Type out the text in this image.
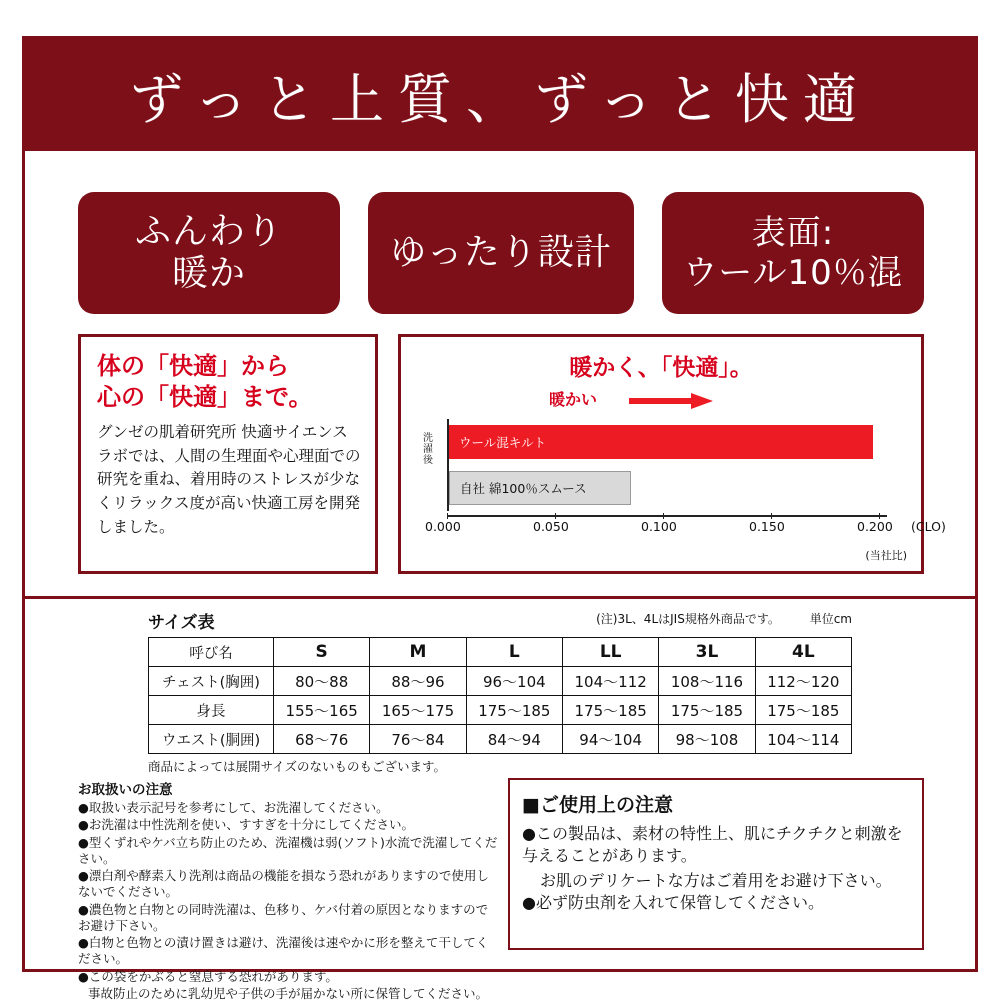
ずっと上質、ずっと快適
ふんわり
暖か
ゆったり設計	表面:
ウール10％混
体の「快適」から
心の「快適」まで。
グンゼの肌着研究所 快適サイエンスラボでは、人間の生理面や心理面での研究を重ね、着用時のストレスが少なくリラックス度が高い快適工房を開発しました。
暖かく、「快適」。
暖かい
洗濯後
ウール混キルト
自社 綿100％スムース
0.000	0.050	0.100	0.150	0.200 (CLO)
(当社比)
サイズ表	(注)3L、4LはJIS規格外商品です。 単位cm
呼び名	S	M	L	LL	3L	4L
チェスト(胸囲)	80〜88	88〜96	96〜104	104〜112	108〜116	112〜120
身長	155〜165	165〜175	175〜185	175〜185	175〜185	175〜185
ウエスト(胴囲)	68〜76	76〜84	84〜94	94〜104	98〜108	104〜114
商品によっては展開サイズのないものもございます。
お取扱いの注意
●取扱い表示記号を参考にして、お洗濯してください。
●お洗濯は中性洗剤を使い、すすぎを十分にしてください。
●型くずれやケバ立ち防止のため、洗濯機は弱(ソフト)水流で洗濯してください。
●漂白剤や酵素入り洗剤は商品の機能を損なう恐れがありますので使用しないでください。
●濃色物と白物との同時洗濯は、色移り、ケバ付着の原因となりますのでお避け下さい。
●白物と色物との漬け置きは避け、洗濯後は速やかに形を整えて干してください。
●この袋をかぶると窒息する恐れがあります。
事故防止のために乳幼児や子供の手が届かない所に保管してください。
■ご使用上の注意
●この製品は、素材の特性上、肌にチクチクと刺激を与えることがあります。
お肌のデリケートな方はご着用をお避け下さい。
●必ず防虫剤を入れて保管してください。
